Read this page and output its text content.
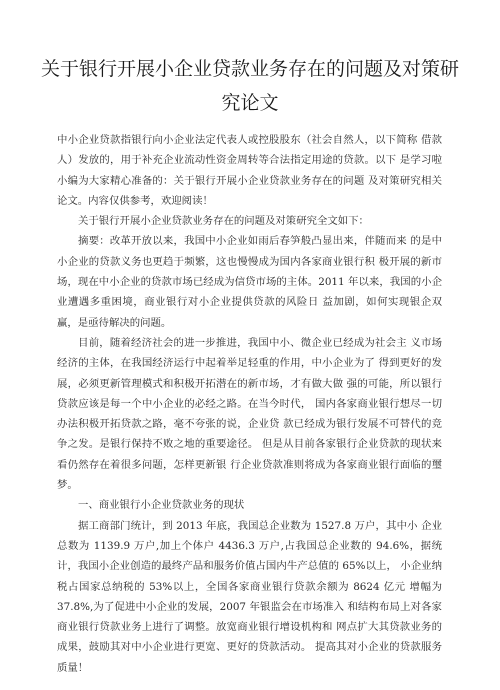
关于银行开展小企业贷款业务存在的问题及对策研究论文

中小企业贷款指银行向小企业法定代表人或控股股东（社会自然人，以下简称 借款人）发放的，用于补充企业流动性资金周转等合法指定用途的贷款。以下 是学习啦小编为大家精心准备的：关于银行开展小企业贷款业务存在的问题 及对策研究相关论文。内容仅供参考，欢迎阅读！

关于银行开展小企业贷款业务存在的问题及对策研究全文如下：

摘要：改革开放以来，我国中小企业如雨后春笋般凸显出来，伴随而来 的是中小企业的贷款义务也更趋于频繁，这也慢慢成为国内各家商业银行积 极开展的新市场，现在中小企业的贷款市场已经成为信贷市场的主体。2011 年以来，我国的小企业遭遇多重困境，商业银行对小企业提供贷款的风险日 益加剧，如何实现银企双赢，是亟待解决的问题。

目前，随着经济社会的进一步推进，我国中小、微企业已经成为社会主 义市场经济的主体，在我国经济运行中起着举足轻重的作用，中小企业为了 得到更好的发展，必须更新管理模式和积极开拓潜在的新市场，才有做大做 强的可能，所以银行贷款应该是每一个中小企业的必经之路。在当今时代， 国内各家商业银行想尽一切办法积极开拓贷款之路，毫不夸张的说，企业贷 款已经成为银行发展不可替代的竞争之发。是银行保持不败之地的重要途径。 但是从目前各家银行企业贷款的现状来看仍然存在着很多问题，怎样更新银 行企业贷款准则将成为各家商业银行面临的璽梦。

一、商业银行小企业贷款业务的现状

据工商部门统计，到 2013 年底，我国总企业数为 1527.8 万户，其中小 企业总数为 1139.9 万户,加上个体户 4436.3 万户,占我国总企业数的 94.6%，据统计，我国小企业创造的最终产品和服务价值占国内牛产总值的 65%以上， 小企业纳税占国家总纳税的 53%以上，全国各家商业银行贷款余额为 8624 亿元 增幅为 37.8%,为了促进中小企业的发展，2007 年银监会在市场准入 和结构布局上对各家商业银行贷款业务上进行了调整。放宽商业银行增设机构和 网点扩大其贷款业务的成果，鼓励其对中小企业进行更宽、更好的贷款活动。 提高其对小企业的贷款服务质量！
